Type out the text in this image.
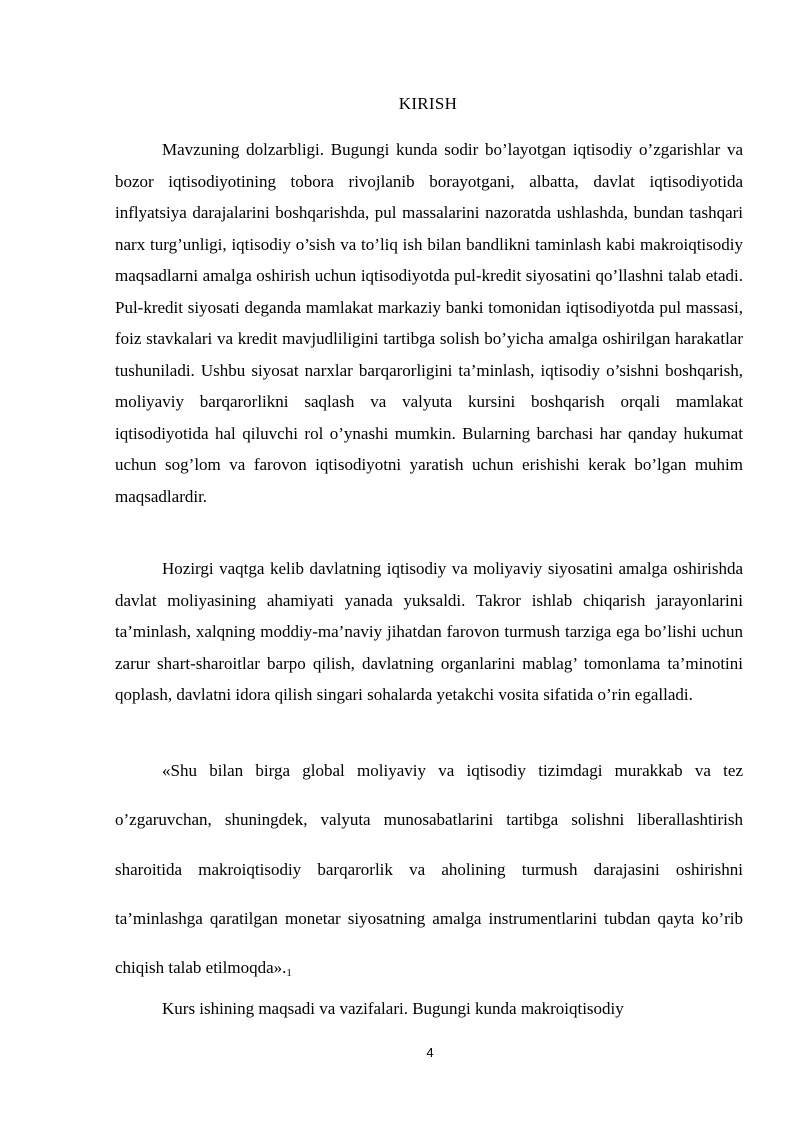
KIRISH

Mavzuning dolzarbligi. Bugungi kunda sodir bo’layotgan iqtisodiy o’zgarishlar va bozor iqtisodiyotining tobora rivojlanib borayotgani, albatta, davlat iqtisodiyotida inflyatsiya darajalarini boshqarishda, pul massalarini nazoratda ushlashda, bundan tashqari narx turg’unligi, iqtisodiy o’sish va to’liq ish bilan bandlikni taminlash kabi makroiqtisodiy maqsadlarni amalga oshirish uchun iqtisodiyotda pul-kredit siyosatini qo’llashni talab etadi. Pul-kredit siyosati deganda mamlakat markaziy banki tomonidan iqtisodiyotda pul massasi, foiz stavkalari va kredit mavjudliligini tartibga solish bo’yicha amalga oshirilgan harakatlar tushuniladi. Ushbu siyosat narxlar barqarorligini ta’minlash, iqtisodiy o’sishni boshqarish, moliyaviy barqarorlikni saqlash va valyuta kursini boshqarish orqali mamlakat iqtisodiyotida hal qiluvchi rol o’ynashi mumkin. Bularning barchasi har qanday hukumat uchun sog’lom va farovon iqtisodiyotni yaratish uchun erishishi kerak bo’lgan muhim maqsadlardir.

Hozirgi vaqtga kelib davlatning iqtisodiy va moliyaviy siyosatini amalga oshirishda davlat moliyasining ahamiyati yanada yuksaldi. Takror ishlab chiqarish jarayonlarini ta’minlash, xalqning moddiy-ma’naviy jihatdan farovon turmush tarziga ega bo’lishi uchun zarur shart-sharoitlar barpo qilish, davlatning organlarini mablag’ tomonlama ta’minotini qoplash, davlatni idora qilish singari sohalarda yetakchi vosita sifatida o’rin egalladi.

«Shu bilan birga global moliyaviy va iqtisodiy tizimdagi murakkab va tez o’zgaruvchan, shuningdek, valyuta munosabatlarini tartibga solishni liberallashtirish sharoitida makroiqtisodiy barqarorlik va aholining turmush darajasini oshirishni ta’minlashga qaratilgan monetar siyosatning amalga instrumentlarini tubdan qayta ko’rib chiqish talab etilmoqda».1

Kurs ishining maqsadi va vazifalari. Bugungi kunda makroiqtisodiy

4
